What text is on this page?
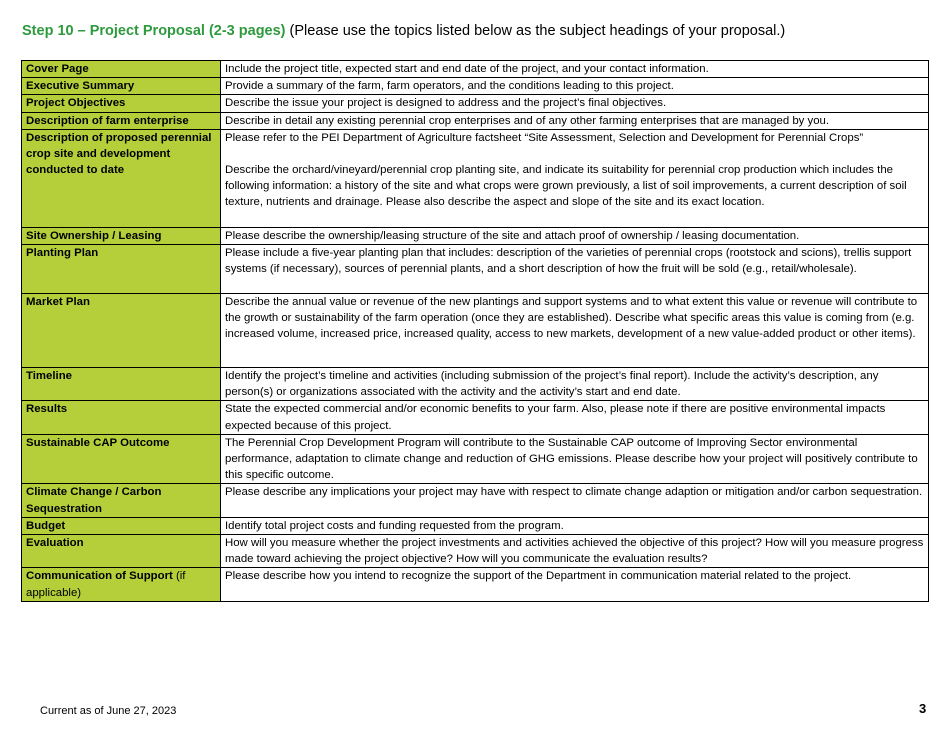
Step 10 – Project Proposal (2-3 pages) (Please use the topics listed below as the subject headings of your proposal.)
Cover Page	Include the project title, expected start and end date of the project, and your contact information.
Executive Summary	Provide a summary of the farm, farm operators, and the conditions leading to this project.
Project Objectives	Describe the issue your project is designed to address and the project’s final objectives.
Description of farm enterprise	Describe in detail any existing perennial crop enterprises and of any other farming enterprises that are managed by you.
Description of proposed perennial crop site and development conducted to date	Please refer to the PEI Department of Agriculture factsheet “Site Assessment, Selection and Development for Perennial Crops”
Describe the orchard/vineyard/perennial crop planting site, and indicate its suitability for perennial crop production which includes the following information: a history of the site and what crops were grown previously, a list of soil improvements, a current description of soil texture, nutrients and drainage. Please also describe the aspect and slope of the site and its exact location.
Site Ownership / Leasing	Please describe the ownership/leasing structure of the site and attach proof of ownership / leasing documentation.
Planting Plan	Please include a five-year planting plan that includes: description of the varieties of perennial crops (rootstock and scions), trellis support systems (if necessary), sources of perennial plants, and a short description of how the fruit will be sold (e.g., retail/wholesale).
Market Plan	Describe the annual value or revenue of the new plantings and support systems and to what extent this value or revenue will contribute to the growth or sustainability of the farm operation (once they are established). Describe what specific areas this value is coming from (e.g. increased volume, increased price, increased quality, access to new markets, development of a new value-added product or other items).
Timeline	Identify the project’s timeline and activities (including submission of the project’s final report). Include the activity’s description, any person(s) or organizations associated with the activity and the activity’s start and end date.
Results	State the expected commercial and/or economic benefits to your farm. Also, please note if there are positive environmental impacts expected because of this project.
Sustainable CAP Outcome	The Perennial Crop Development Program will contribute to the Sustainable CAP outcome of Improving Sector environmental performance, adaptation to climate change and reduction of GHG emissions. Please describe how your project will positively contribute to this specific outcome.
Climate Change / Carbon Sequestration	Please describe any implications your project may have with respect to climate change adaption or mitigation and/or carbon sequestration.
Budget	Identify total project costs and funding requested from the program.
Evaluation	How will you measure whether the project investments and activities achieved the objective of this project? How will you measure progress made toward achieving the project objective? How will you communicate the evaluation results?
Communication of Support (if applicable)	Please describe how you intend to recognize the support of the Department in communication material related to the project.
Current as of June 27, 2023	3
